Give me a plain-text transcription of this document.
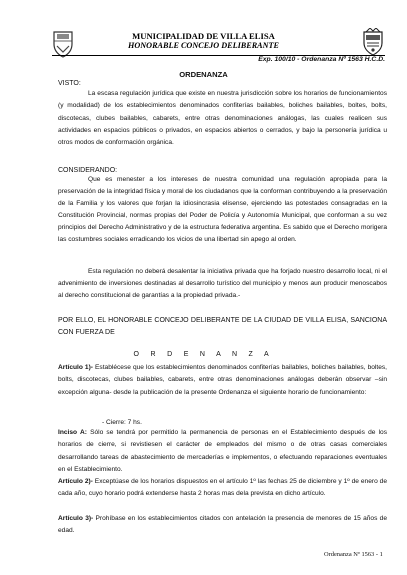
MUNICIPALIDAD DE VILLA ELISA
HONORABLE CONCEJO DELIBERANTE
Exp. 100/10 - Ordenanza Nº 1563 H.C.D.
ORDENANZA
VISTO:

La escasa regulación jurídica que existe en nuestra jurisdicción sobre los horarios de funcionamientos (y modalidad) de los establecimientos denominados confiterías bailables, boliches bailables, boltes, bolts, discotecas, clubes bailables, cabarets, entre otras denominaciones análogas, las cuales realicen sus actividades en espacios públicos o privados, en espacios abiertos o cerrados, y bajo la personería jurídica u otros modos de conformación orgánica.

CONSIDERANDO:

Que es menester a los intereses de nuestra comunidad una regulación apropiada para la preservación de la integridad física y moral de los ciudadanos que la conforman contribuyendo a la preservación de la Familia y los valores que forjan la idiosincrasia elisense, ejerciendo las potestades consagradas en la Constitución Provincial, normas propias del Poder de Policía y Autonomía Municipal, que conforman a su vez principios del Derecho Administrativo y de la estructura federativa argentina. Es sabido que el Derecho morigera las costumbres sociales erradicando los vicios de una libertad sin apego al orden.

Esta regulación no deberá desalentar la iniciativa privada que ha forjado nuestro desarrollo local, ni el advenimiento de inversiones destinadas al desarrollo turístico del municipio y menos aun producir menoscabos al derecho constitucional de garantías a la propiedad privada.-

POR ELLO, EL HONORABLE CONCEJO DELIBERANTE DE LA CIUDAD DE VILLA ELISA, SANCIONA CON FUERZA DE

O R D E N A N Z A

Artículo 1)- Establécese que los establecimientos denominados confiterías bailables, boliches bailables, boltes, bolts, discotecas, clubes bailables, cabarets, entre otras denominaciones análogas deberán observar –sin excepción alguna- desde la publicación de la presente Ordenanza el siguiente horario de funcionamiento:

- Cierre: 7 hs.

Inciso A: Sólo se tendrá por permitido la permanencia de personas en el Establecimiento después de los horarios de cierre, si revistiesen el carácter de empleados del mismo o de otras casas comerciales desarrollando tareas de abastecimiento de mercaderías e implementos, o efectuando reparaciones eventuales en el Establecimiento.

Artículo 2)- Exceptúase de los horarios dispuestos en el artículo 1º las fechas 25 de diciembre y 1º de enero de cada año, cuyo horario podrá extenderse hasta 2 horas mas dela prevista en dicho artículo.

Artículo 3)- Prohíbase en los establecimientos citados con antelación la presencia de menores de 15 años de edad.

Ordenanza Nº 1563 - 1
